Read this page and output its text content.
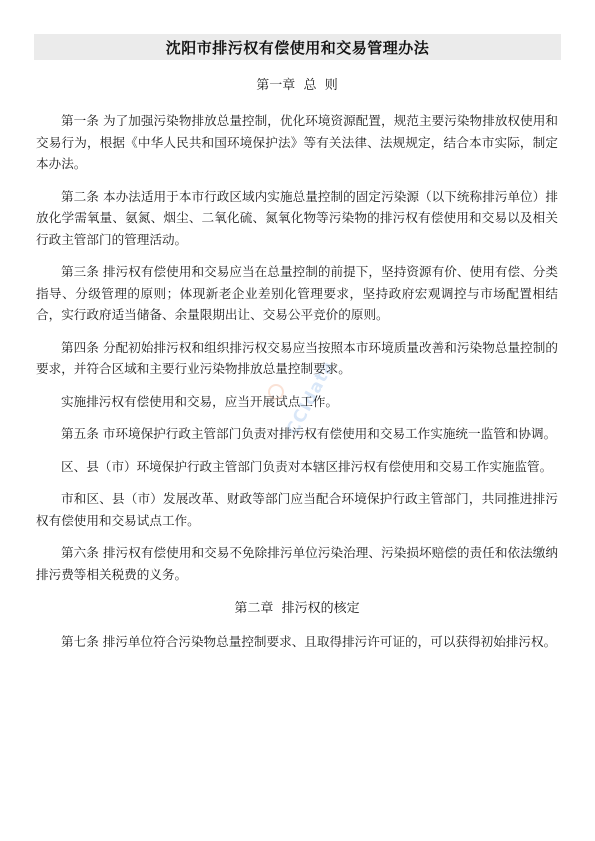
沈阳市排污权有偿使用和交易管理办法
CCIdata
第一章  总  则

第一条 为了加强污染物排放总量控制，优化环境资源配置，规范主要污染物排放权使用和交易行为，根据《中华人民共和国环境保护法》等有关法律、法规规定，结合本市实际，制定本办法。

第二条 本办法适用于本市行政区域内实施总量控制的固定污染源（以下统称排污单位）排放化学需氧量、氨氮、烟尘、二氧化硫、氮氧化物等污染物的排污权有偿使用和交易以及相关行政主管部门的管理活动。

第三条 排污权有偿使用和交易应当在总量控制的前提下，坚持资源有价、使用有偿、分类指导、分级管理的原则；体现新老企业差别化管理要求，坚持政府宏观调控与市场配置相结合，实行政府适当储备、余量限期出让、交易公平竞价的原则。

第四条 分配初始排污权和组织排污权交易应当按照本市环境质量改善和污染物总量控制的要求，并符合区域和主要行业污染物排放总量控制要求。

实施排污权有偿使用和交易，应当开展试点工作。

第五条 市环境保护行政主管部门负责对排污权有偿使用和交易工作实施统一监管和协调。

区、县（市）环境保护行政主管部门负责对本辖区排污权有偿使用和交易工作实施监管。

市和区、县（市）发展改革、财政等部门应当配合环境保护行政主管部门，共同推进排污权有偿使用和交易试点工作。

第六条 排污权有偿使用和交易不免除排污单位污染治理、污染损坏赔偿的责任和依法缴纳排污费等相关税费的义务。

第二章  排污权的核定

第七条 排污单位符合污染物总量控制要求、且取得排污许可证的，可以获得初始排污权。
